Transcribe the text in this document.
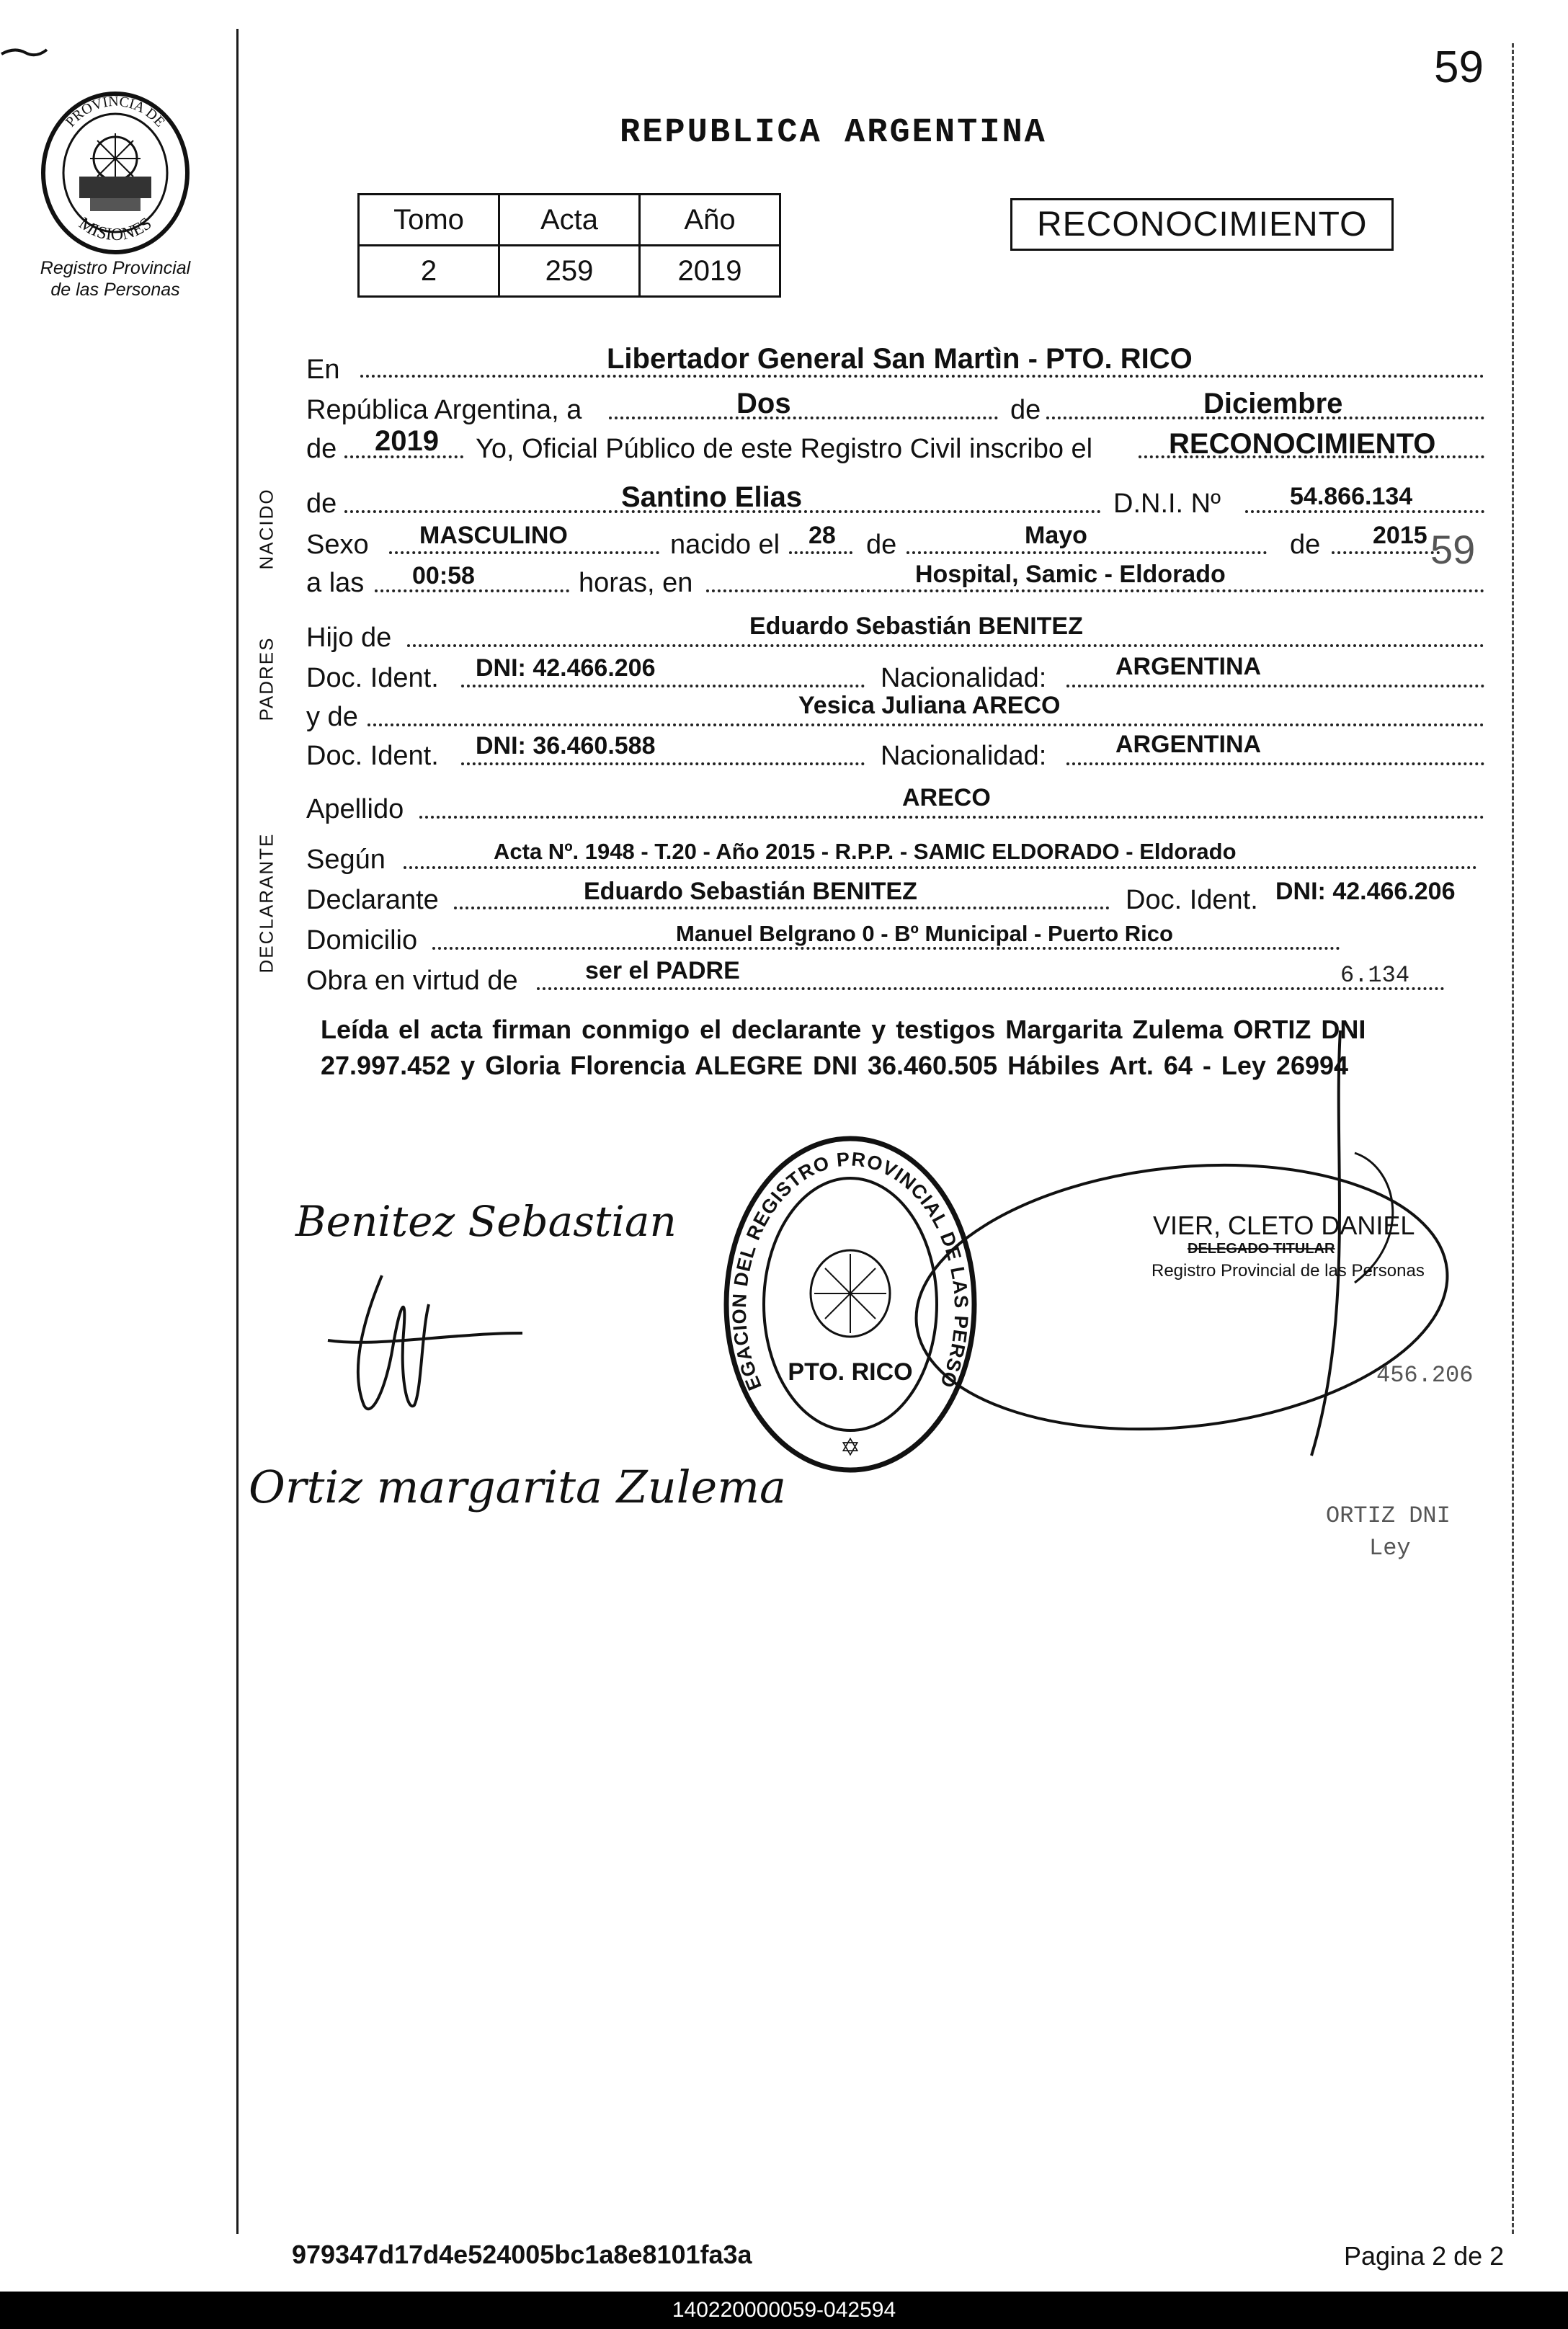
PROVINCIA DE
MISIONES
Registro Provincial
de las Personas
59
REPUBLICA ARGENTINA
Tomo	Acta	Año
2	259	2019
RECONOCIMIENTO
NACIDO
PADRES
DECLARANTE
En	Libertador General San Martìn - PTO. RICO
República Argentina, a	Dos	de	Diciembre
de 2019 Yo, Oficial Público de este Registro Civil inscribo el	RECONOCIMIENTO
de	Santino Elias	D.N.I. Nº	54.866.134
Sexo MASCULINO	nacido el 28 de	Mayo	de 2015
a las 00:58	horas, en	Hospital, Samic - Eldorado
Hijo de	Eduardo Sebastián BENITEZ
Doc. Ident. DNI: 42.466.206	Nacionalidad:	ARGENTINA
y de	Yesica Juliana ARECO
Doc. Ident. DNI: 36.460.588	Nacionalidad:	ARGENTINA
Apellido	ARECO
Según	Acta Nº. 1948 - T.20 - Año 2015 - R.P.P. - SAMIC ELDORADO - Eldorado
Declarante	Eduardo Sebastián BENITEZ	Doc. Ident. DNI: 42.466.206
Domicilio	Manuel Belgrano 0 - Bº Municipal - Puerto Rico
Obra en virtud de	ser el PADRE
Leída el acta firman conmigo el declarante y testigos Margarita Zulema ORTIZ DNI 27.997.452 y Gloria Florencia ALEGRE DNI 36.460.505 Hábiles Art. 64 - Ley 26994
Benitez Sebastian
Ortiz margarita Zulema
EGACION DEL REGISTRO PROVINCIAL DE LAS PERSO
PTO. RICO
✡
VIER, CLETO DANIEL
DELEGADO TITULAR
Registro Provincial de las Personas
59
456.206
6.134
ORTIZ DNI
Ley
979347d17d4e524005bc1a8e8101fa3a	Pagina 2 de 2
140220000059-042594
